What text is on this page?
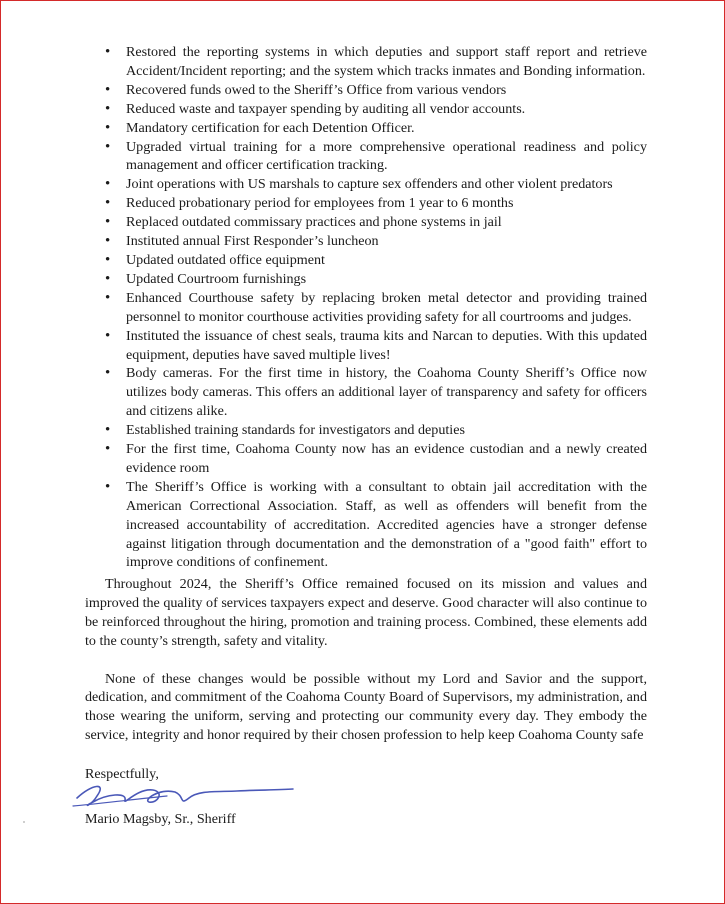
• Restored the reporting systems in which deputies and support staff report and retrieve Accident/Incident reporting; and the system which tracks inmates and Bonding information.
• Recovered funds owed to the Sheriff’s Office from various vendors
• Reduced waste and taxpayer spending by auditing all vendor accounts.
• Mandatory certification for each Detention Officer.
• Upgraded virtual training for a more comprehensive operational readiness and policy management and officer certification tracking.
• Joint operations with US marshals to capture sex offenders and other violent predators
• Reduced probationary period for employees from 1 year to 6 months
• Replaced outdated commissary practices and phone systems in jail
• Instituted annual First Responder’s luncheon
• Updated outdated office equipment
• Updated Courtroom furnishings
• Enhanced Courthouse safety by replacing broken metal detector and providing trained personnel to monitor courthouse activities providing safety for all courtrooms and judges.
• Instituted the issuance of chest seals, trauma kits and Narcan to deputies. With this updated equipment, deputies have saved multiple lives!
• Body cameras. For the first time in history, the Coahoma County Sheriff’s Office now utilizes body cameras. This offers an additional layer of transparency and safety for officers and citizens alike.
• Established training standards for investigators and deputies
• For the first time, Coahoma County now has an evidence custodian and a newly created evidence room
• The Sheriff’s Office is working with a consultant to obtain jail accreditation with the American Correctional Association. Staff, as well as offenders will benefit from the increased accountability of accreditation. Accredited agencies have a stronger defense against litigation through documentation and the demonstration of a "good faith" effort to improve conditions of confinement.

Throughout 2024, the Sheriff’s Office remained focused on its mission and values and improved the quality of services taxpayers expect and deserve. Good character will also continue to be reinforced throughout the hiring, promotion and training process. Combined, these elements add to the county’s strength, safety and vitality.

None of these changes would be possible without my Lord and Savior and the support, dedication, and commitment of the Coahoma County Board of Supervisors, my administration, and those wearing the uniform, serving and protecting our community every day. They embody the service, integrity and honor required by their chosen profession to help keep Coahoma County safe

Respectfully,
Mario Magsby, Sr., Sheriff
